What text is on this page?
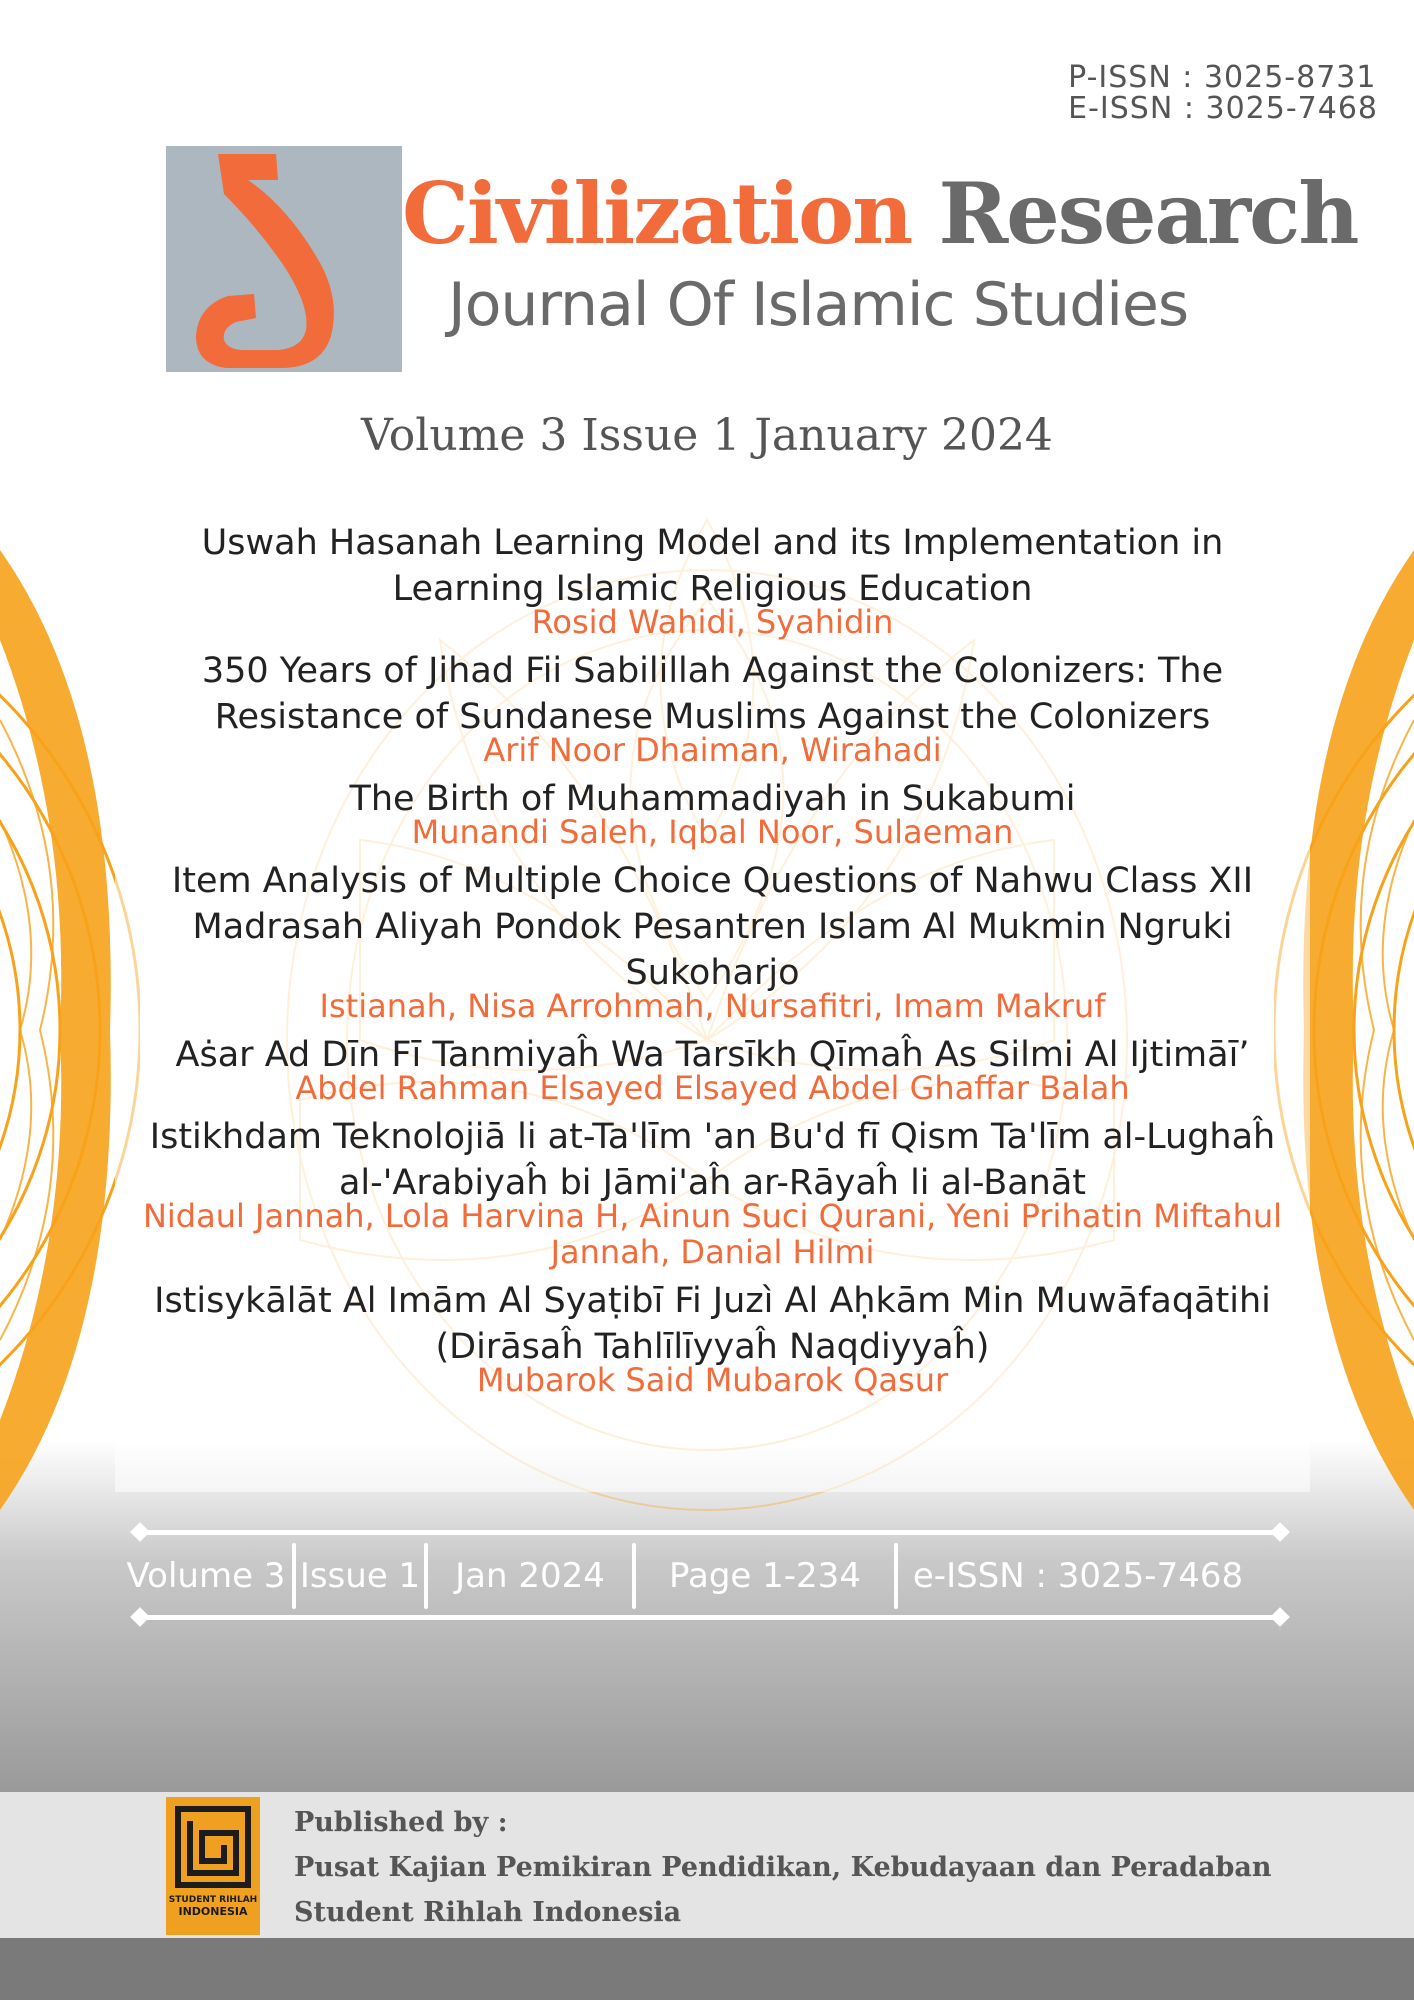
P-ISSN : 3025-8731
E-ISSN : 3025-7468
Civilization Research
Journal Of Islamic Studies
Volume 3 Issue 1 January 2024
Uswah Hasanah Learning Model and its Implementation in Learning Islamic Religious Education
Rosid Wahidi, Syahidin
350 Years of Jihad Fii Sabilillah Against the Colonizers: The Resistance of Sundanese Muslims Against the Colonizers
Arif Noor Dhaiman, Wirahadi
The Birth of Muhammadiyah in Sukabumi
Munandi Saleh, Iqbal Noor, Sulaeman
Item Analysis of Multiple Choice Questions of Nahwu Class XII Madrasah Aliyah Pondok Pesantren Islam Al Mukmin Ngruki Sukoharjo
Istianah, Nisa Arrohmah, Nursafitri, Imam Makruf
Aṡar Ad Dīn Fī Tanmiyaĥ Wa Tarsīkh Qīmaĥ As Silmi Al Ijtimāī’
Abdel Rahman Elsayed Elsayed Abdel Ghaffar Balah
Istikhdam Teknolojiā li at-Ta'līm 'an Bu'd fī Qism Ta'līm al-Lughaĥ al-'Arabiyaĥ bi Jāmi'aĥ ar-Rāyaĥ li al-Banāt
Nidaul Jannah, Lola Harvina H, Ainun Suci Qurani, Yeni Prihatin Miftahul Jannah, Danial Hilmi
Istisykālāt Al Imām Al Syaṭibī Fi Juzì Al Aḥkām Min Muwāfaqātihi (Dirāsaĥ Tahlīlīyyaĥ Naqdiyyaĥ)
Mubarok Said Mubarok Qasur
Volume 3 Issue 1	Jan 2024	Page 1-234	e-ISSN : 3025-7468
STUDENT RIHLAH
INDONESIA
Published by :
Pusat Kajian Pemikiran Pendidikan, Kebudayaan dan Peradaban
Student Rihlah Indonesia
